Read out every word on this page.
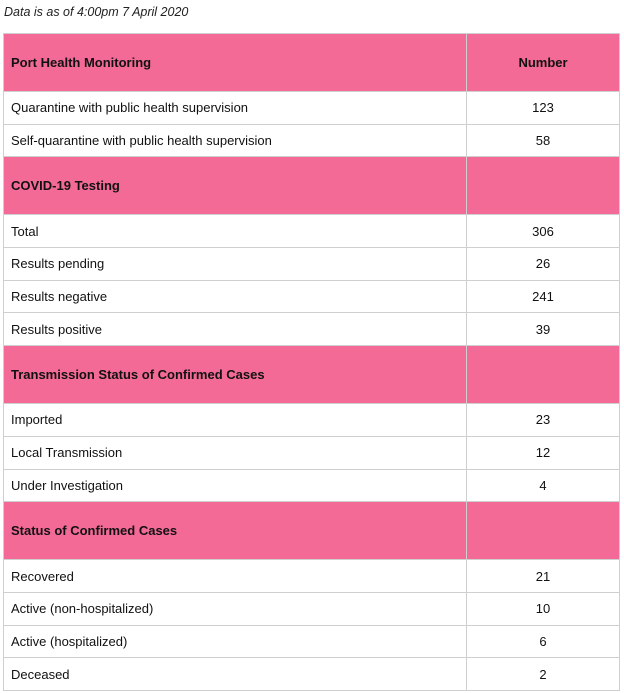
Data is as of 4:00pm 7 April 2020

Port Health Monitoring	Number
Quarantine with public health supervision	123
Self-quarantine with public health supervision	58
COVID-19 Testing	
Total	306
Results pending	26
Results negative	241
Results positive	39
Transmission Status of Confirmed Cases	
Imported	23
Local Transmission	12
Under Investigation	4
Status of Confirmed Cases	
Recovered	21
Active (non-hospitalized)	10
Active (hospitalized)	6
Deceased	2
